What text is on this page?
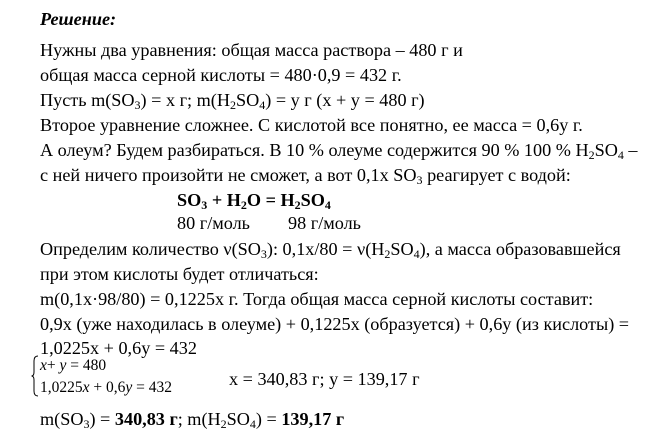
Решение:
Нужны два уравнения: общая масса раствора – 480 г и
общая масса серной кислоты = 480·0,9 = 432 г.
Пусть $m(SO_3) = x$ г; $m(H_2SO_4) = y$ г (x + y = 480 г)
Второе уравнение сложнее. С кислотой все понятно, ее масса = 0,6y г.
А олеум? Будем разбираться. В 10 % олеуме содержится 90 % 100 % $H_2SO_4$ –
с ней ничего произойти не сможет, а вот 0,1x $SO_3$ реагирует с водой:
$SO_3 + H_2O = H_2SO_4$
80 г/моль 98 г/моль
Определим количество $\nu(SO_3)$: $0,1x/80 = \nu(H_2SO_4)$, а масса образовавшейся
при этом кислоты будет отличаться:
m(0,1x·98/80) = 0,1225x г. Тогда общая масса серной кислоты составит:
0,9x (уже находилась в олеуме) + 0,1225x (образуется) + 0,6y (из кислоты) =
1,0225x + 0,6y = 432
x+ y = 480
1,0225x + 0,6y = 432	x = 340,83 г; y = 139,17 г
$m(SO_3) = 340,83$ г; $m(H_2SO_4) = 139,17$ г
